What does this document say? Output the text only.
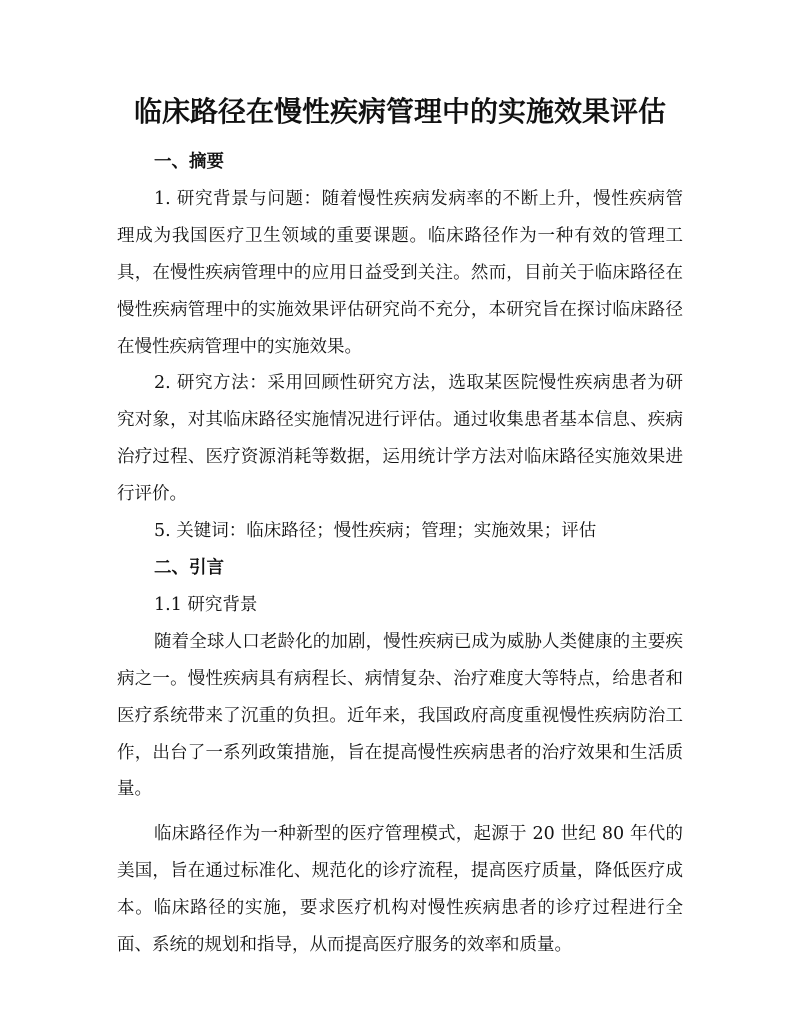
临床路径在慢性疾病管理中的实施效果评估

一、摘要

1. 研究背景与问题：随着慢性疾病发病率的不断上升，慢性疾病管理成为我国医疗卫生领域的重要课题。临床路径作为一种有效的管理工具，在慢性疾病管理中的应用日益受到关注。然而，目前关于临床路径在慢性疾病管理中的实施效果评估研究尚不充分，本研究旨在探讨临床路径在慢性疾病管理中的实施效果。

2. 研究方法：采用回顾性研究方法，选取某医院慢性疾病患者为研究对象，对其临床路径实施情况进行评估。通过收集患者基本信息、疾病治疗过程、医疗资源消耗等数据，运用统计学方法对临床路径实施效果进行评价。

5. 关键词：临床路径；慢性疾病；管理；实施效果；评估

二、引言

1.1 研究背景

随着全球人口老龄化的加剧，慢性疾病已成为威胁人类健康的主要疾病之一。慢性疾病具有病程长、病情复杂、治疗难度大等特点，给患者和医疗系统带来了沉重的负担。近年来，我国政府高度重视慢性疾病防治工作，出台了一系列政策措施，旨在提高慢性疾病患者的治疗效果和生活质量。

临床路径作为一种新型的医疗管理模式，起源于 20 世纪 80 年代的美国，旨在通过标准化、规范化的诊疗流程，提高医疗质量，降低医疗成本。临床路径的实施，要求医疗机构对慢性疾病患者的诊疗过程进行全面、系统的规划和指导，从而提高医疗服务的效率和质量。
